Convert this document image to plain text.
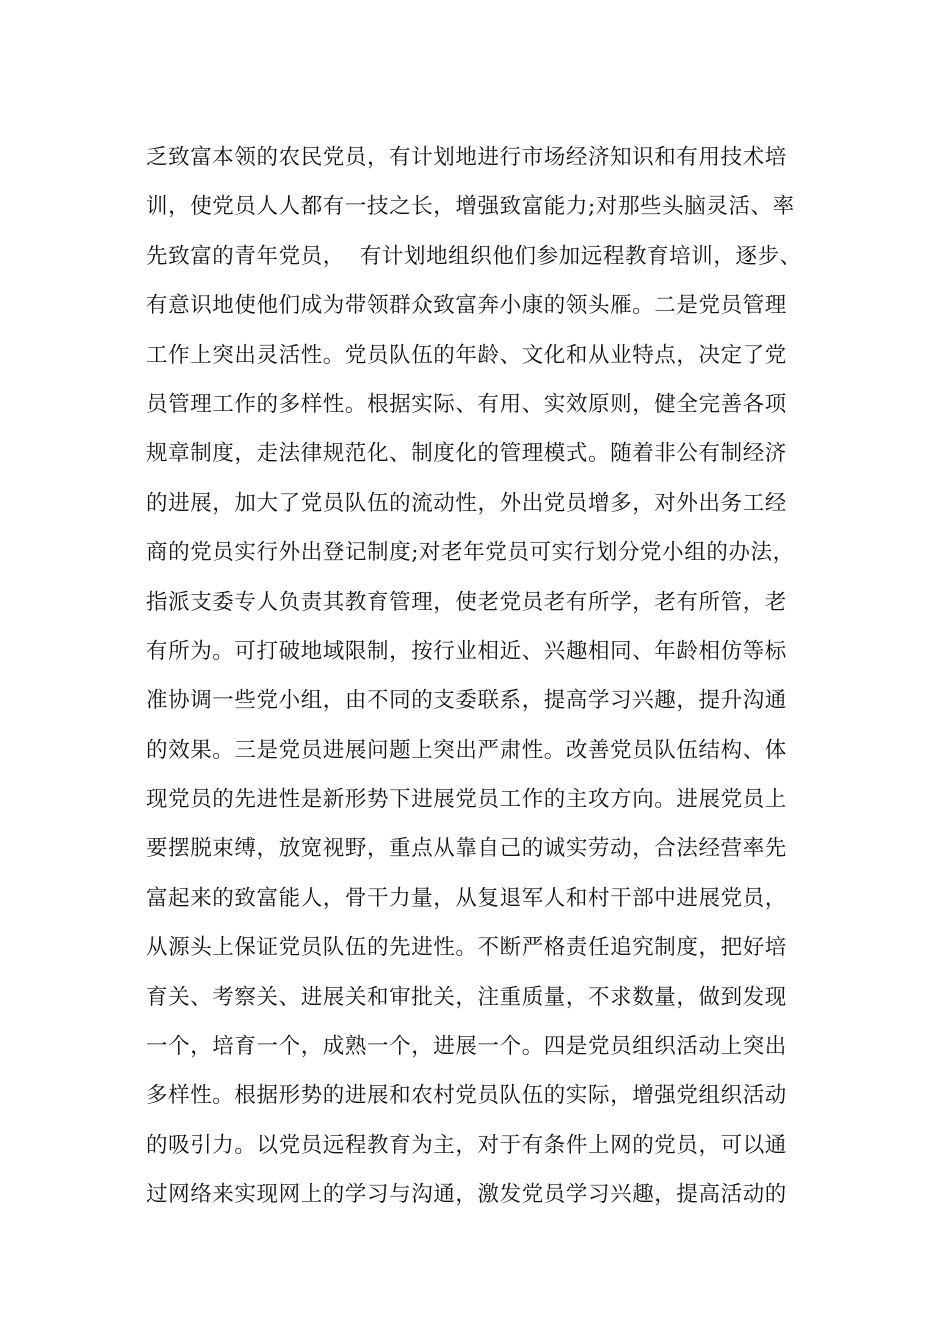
乏致富本领的农民党员，有计划地进行市场经济知识和有用技术培
训，使党员人人都有一技之长，增强致富能力;对那些头脑灵活、率
先致富的青年党员，  有计划地组织他们参加远程教育培训，逐步、
有意识地使他们成为带领群众致富奔小康的领头雁。二是党员管理
工作上突出灵活性。党员队伍的年龄、文化和从业特点，决定了党
员管理工作的多样性。根据实际、有用、实效原则，健全完善各项
规章制度，走法律规范化、制度化的管理模式。随着非公有制经济
的进展，加大了党员队伍的流动性，外出党员增多，对外出务工经
商的党员实行外出登记制度;对老年党员可实行划分党小组的办法，
指派支委专人负责其教育管理，使老党员老有所学，老有所管，老
有所为。可打破地域限制，按行业相近、兴趣相同、年龄相仿等标
准协调一些党小组，由不同的支委联系，提高学习兴趣，提升沟通
的效果。三是党员进展问题上突出严肃性。改善党员队伍结构、体
现党员的先进性是新形势下进展党员工作的主攻方向。进展党员上
要摆脱束缚，放宽视野，重点从靠自己的诚实劳动，合法经营率先
富起来的致富能人，骨干力量，从复退军人和村干部中进展党员，
从源头上保证党员队伍的先进性。不断严格责任追究制度，把好培
育关、考察关、进展关和审批关，注重质量，不求数量，做到发现
一个，培育一个，成熟一个，进展一个。四是党员组织活动上突出
多样性。根据形势的进展和农村党员队伍的实际，增强党组织活动
的吸引力。以党员远程教育为主，对于有条件上网的党员，可以通
过网络来实现网上的学习与沟通，激发党员学习兴趣，提高活动的
